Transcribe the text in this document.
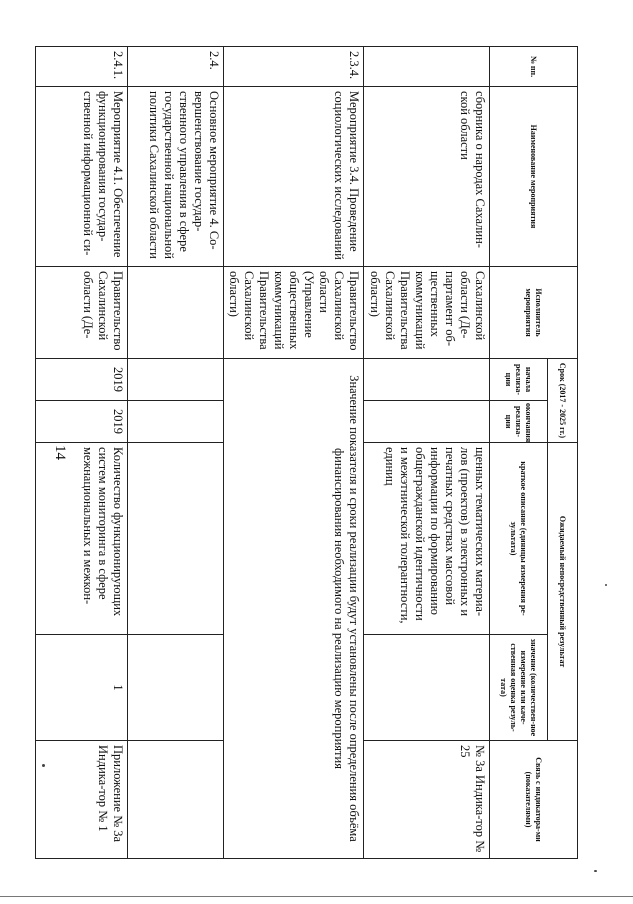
14
№ пп.	Наименование мероприятия	Исполнитель мероприятия	Срок (2017 - 2025 гг.)		Ожидаемый непосредственный результат		Связь с индикатора-ми (показателями)
			начала реализа-ции	окончания реализа-ции	краткое описание (единицы измерения ре-зультата)	значение (количествен-ное измерение или каче-ственная оценка резуль-тата)	
	сборника о народах Сахалин-ской области	Сахалинской области (Де-партамент об-щественных коммуникаций Правительства Сахалинской области)			щенных тематических материа-лов (проектов) в электронных и печатных средствах массовой информации по формированию общегражданской идентичности и межэтнической толерантности, единиц		№ 3а Индика-тор № 25
2.3.4.	Мероприятие 3.4. Проведение социологических исследований	Правительство Сахалинской области (Управление общественных коммуникаций Правительства Сахалинской области)	Значение показателя и сроки реализации будут установлены после определения объёма финансирования необходимого на реализацию мероприятия				
2.4.	Основное мероприятие 4. Со-вершенствование государ-ственного управления в сфере государственной национальной политики Сахалинской области						
2.4.1.	Мероприятие 4.1. Обеспечение функционирования государ-ственной информационной си-	Правительство Сахалинской области (Де-	2019	2019	Количество функционирующих систем мониторинга в сфере межнациональных и межкон-	1	Приложение № 3а Индика-тор № 1
